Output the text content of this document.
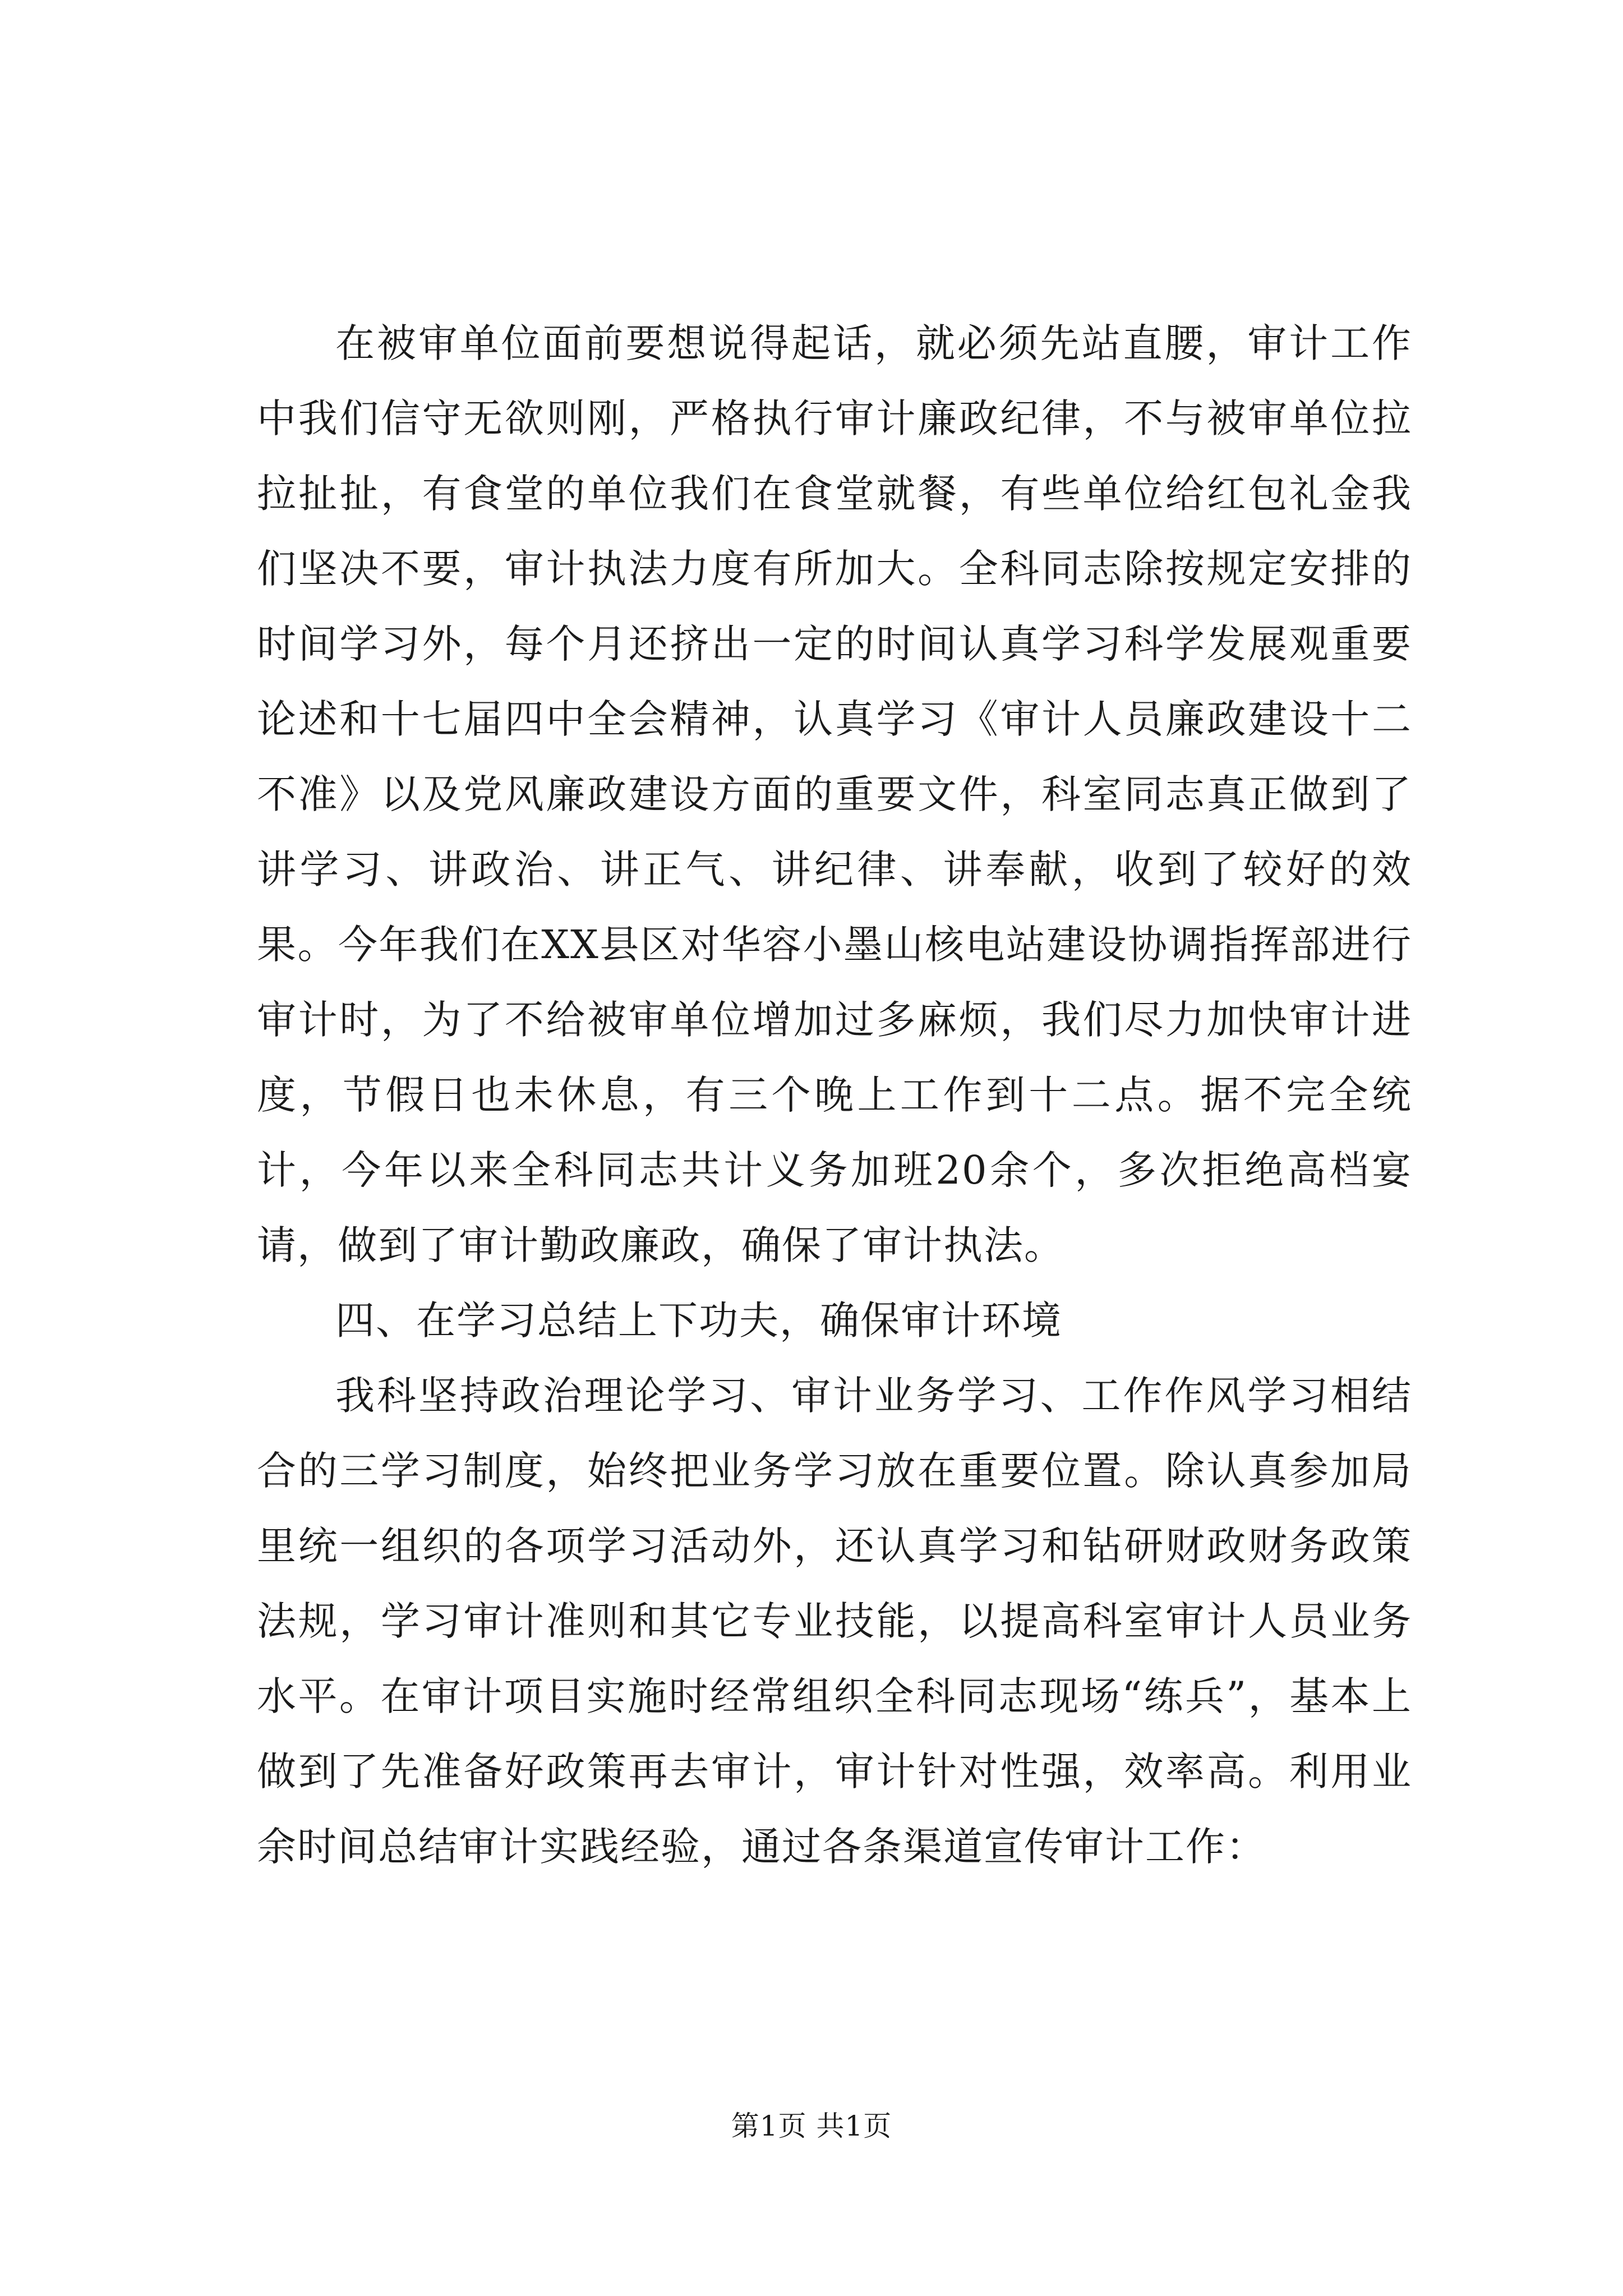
在被审单位面前要想说得起话，就必须先站直腰，审计工作中我们信守无欲则刚，严格执行审计廉政纪律，不与被审单位拉拉扯扯，有食堂的单位我们在食堂就餐，有些单位给红包礼金我们坚决不要，审计执法力度有所加大。全科同志除按规定安排的时间学习外，每个月还挤出一定的时间认真学习科学发展观重要论述和十七届四中全会精神，认真学习《审计人员廉政建设十二不准》以及党风廉政建设方面的重要文件，科室同志真正做到了讲学习、讲政治、讲正气、讲纪律、讲奉献，收到了较好的效果。今年我们在XX县区对华容小墨山核电站建设协调指挥部进行审计时，为了不给被审单位增加过多麻烦，我们尽力加快审计进度，节假日也未休息，有三个晚上工作到十二点。据不完全统计，今年以来全科同志共计义务加班20余个，多次拒绝高档宴请，做到了审计勤政廉政，确保了审计执法。

四、在学习总结上下功夫，确保审计环境

我科坚持政治理论学习、审计业务学习、工作作风学习相结合的三学习制度，始终把业务学习放在重要位置。除认真参加局里统一组织的各项学习活动外，还认真学习和钻研财政财务政策法规，学习审计准则和其它专业技能，以提高科室审计人员业务水平。在审计项目实施时经常组织全科同志现场“练兵”，基本上做到了先准备好政策再去审计，审计针对性强，效率高。利用业余时间总结审计实践经验，通过各条渠道宣传审计工作：

第1页 共1页
